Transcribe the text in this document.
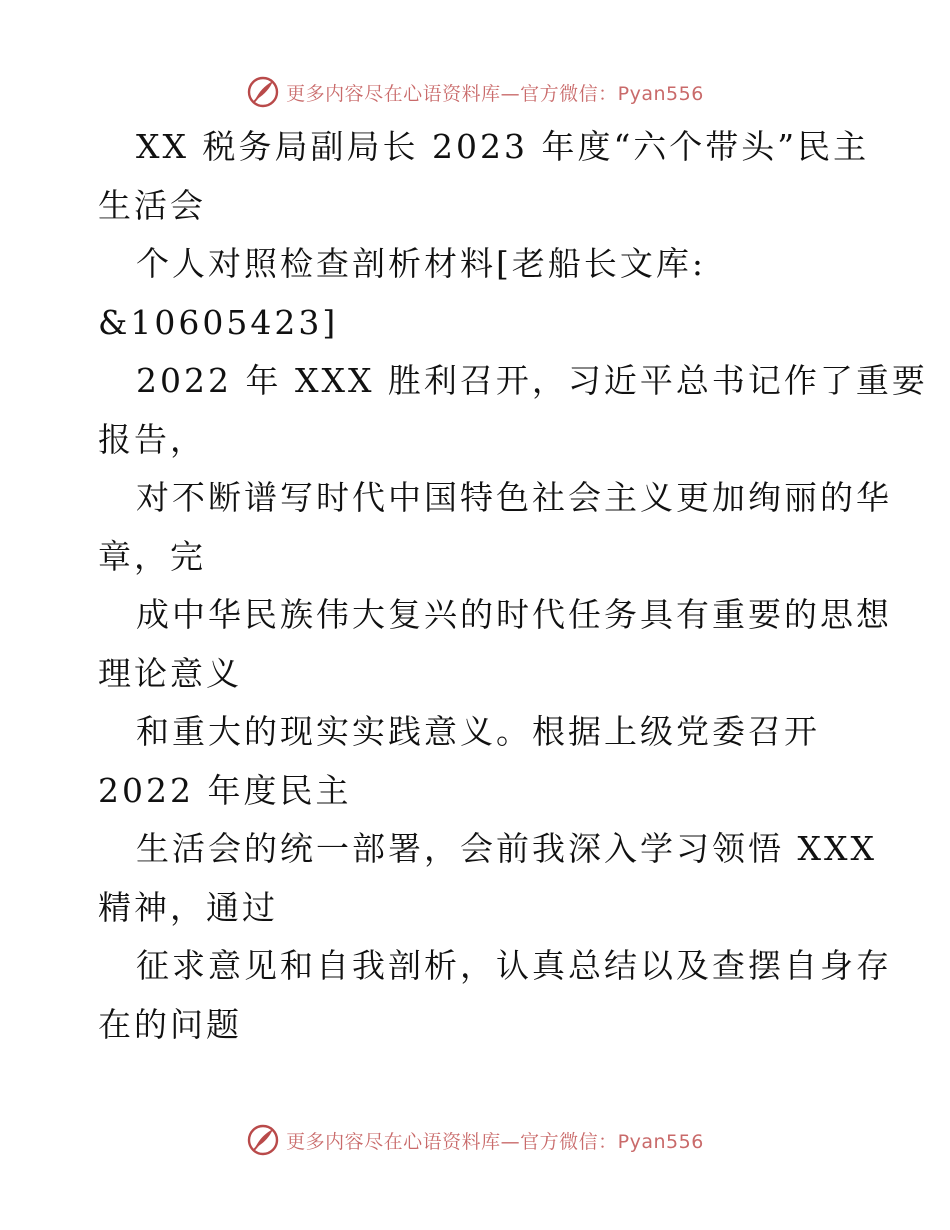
更多内容尽在心语资料库—官方微信：Pyan556
XX 税务局副局长 2023 年度“六个带头”民主
生活会
个人对照检查剖析材料[老船长文库:
&10605423]
2022 年 XXX 胜利召开，习近平总书记作了重要
报告，
对不断谱写时代中国特色社会主义更加绚丽的华
章，完
成中华民族伟大复兴的时代任务具有重要的思想
理论意义
和重大的现实实践意义。根据上级党委召开
2022 年度民主
生活会的统一部署，会前我深入学习领悟 XXX
精神，通过
征求意见和自我剖析，认真总结以及查摆自身存
在的问题
更多内容尽在心语资料库—官方微信：Pyan556
